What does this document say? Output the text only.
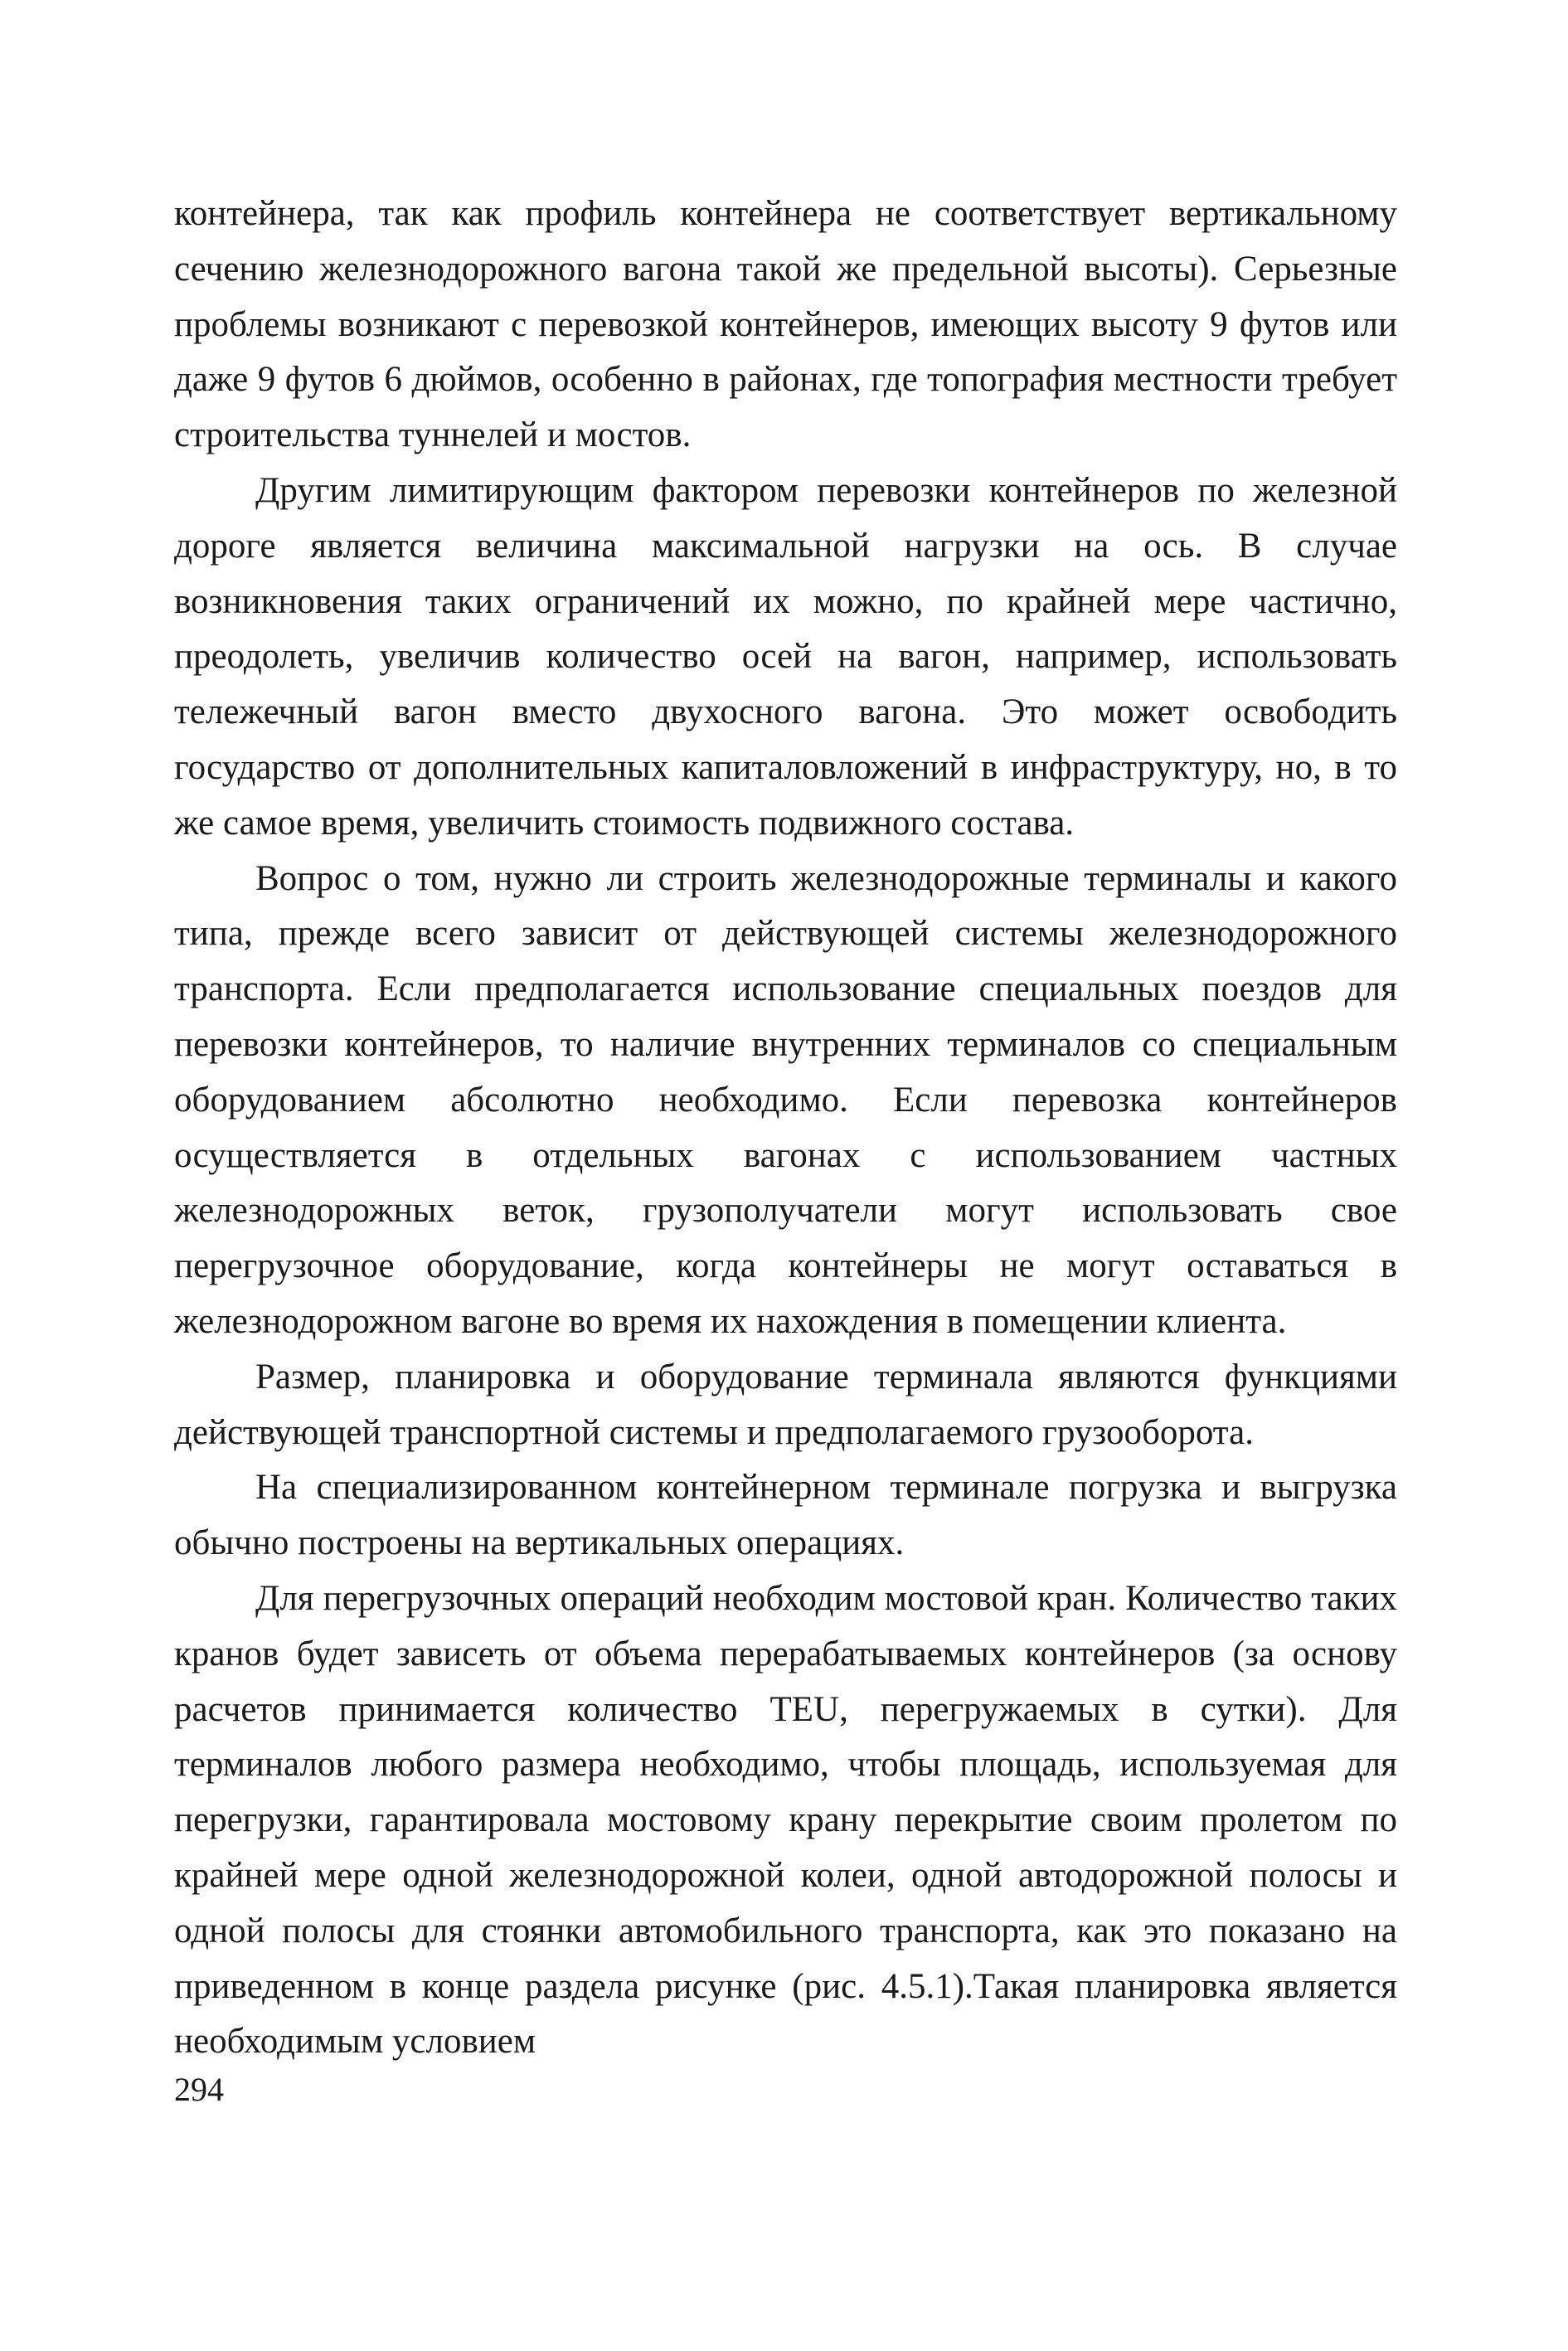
контейнера, так как профиль контейнера не соответствует вертикальному сечению железнодорожного вагона такой же предельной высоты). Серьезные проблемы возникают с перевозкой контейнеров, имеющих высоту 9 футов или даже 9 футов 6 дюймов, особенно в районах, где топография местности требует строительства туннелей и мостов.

Другим лимитирующим фактором перевозки контейнеров по железной дороге является величина максимальной нагрузки на ось. В случае возникновения таких ограничений их можно, по крайней мере частично, преодолеть, увеличив количество осей на вагон, например, использовать тележечный вагон вместо двухосного вагона. Это может освободить государство от дополнительных капиталовложений в инфраструктуру, но, в то же самое время, увеличить стоимость подвижного состава.

Вопрос о том, нужно ли строить железнодорожные терминалы и какого типа, прежде всего зависит от действующей системы железнодорожного транспорта. Если предполагается использование специальных поездов для перевозки контейнеров, то наличие внутренних терминалов со специальным оборудованием абсолютно необходимо. Если перевозка контейнеров осуществляется в отдельных вагонах с использованием частных железнодорожных веток, грузополучатели могут использовать свое перегрузочное оборудование, когда контейнеры не могут оставаться в железнодорожном вагоне во время их нахождения в помещении клиента.

Размер, планировка и оборудование терминала являются функциями действующей транспортной системы и предполагаемого грузооборота.

На специализированном контейнерном терминале погрузка и выгрузка обычно построены на вертикальных операциях.

Для перегрузочных операций необходим мостовой кран. Количество таких кранов будет зависеть от объема перерабатываемых контейнеров (за основу расчетов принимается количество TEU, перегружаемых в сутки). Для терминалов любого размера необходимо, чтобы площадь, используемая для перегрузки, гарантировала мостовому крану перекрытие своим пролетом по крайней мере одной железнодорожной колеи, одной автодорожной полосы и одной полосы для стоянки автомобильного транспорта, как это показано на приведенном в конце раздела рисунке (рис. 4.5.1).Такая планировка является необходимым условием

294
